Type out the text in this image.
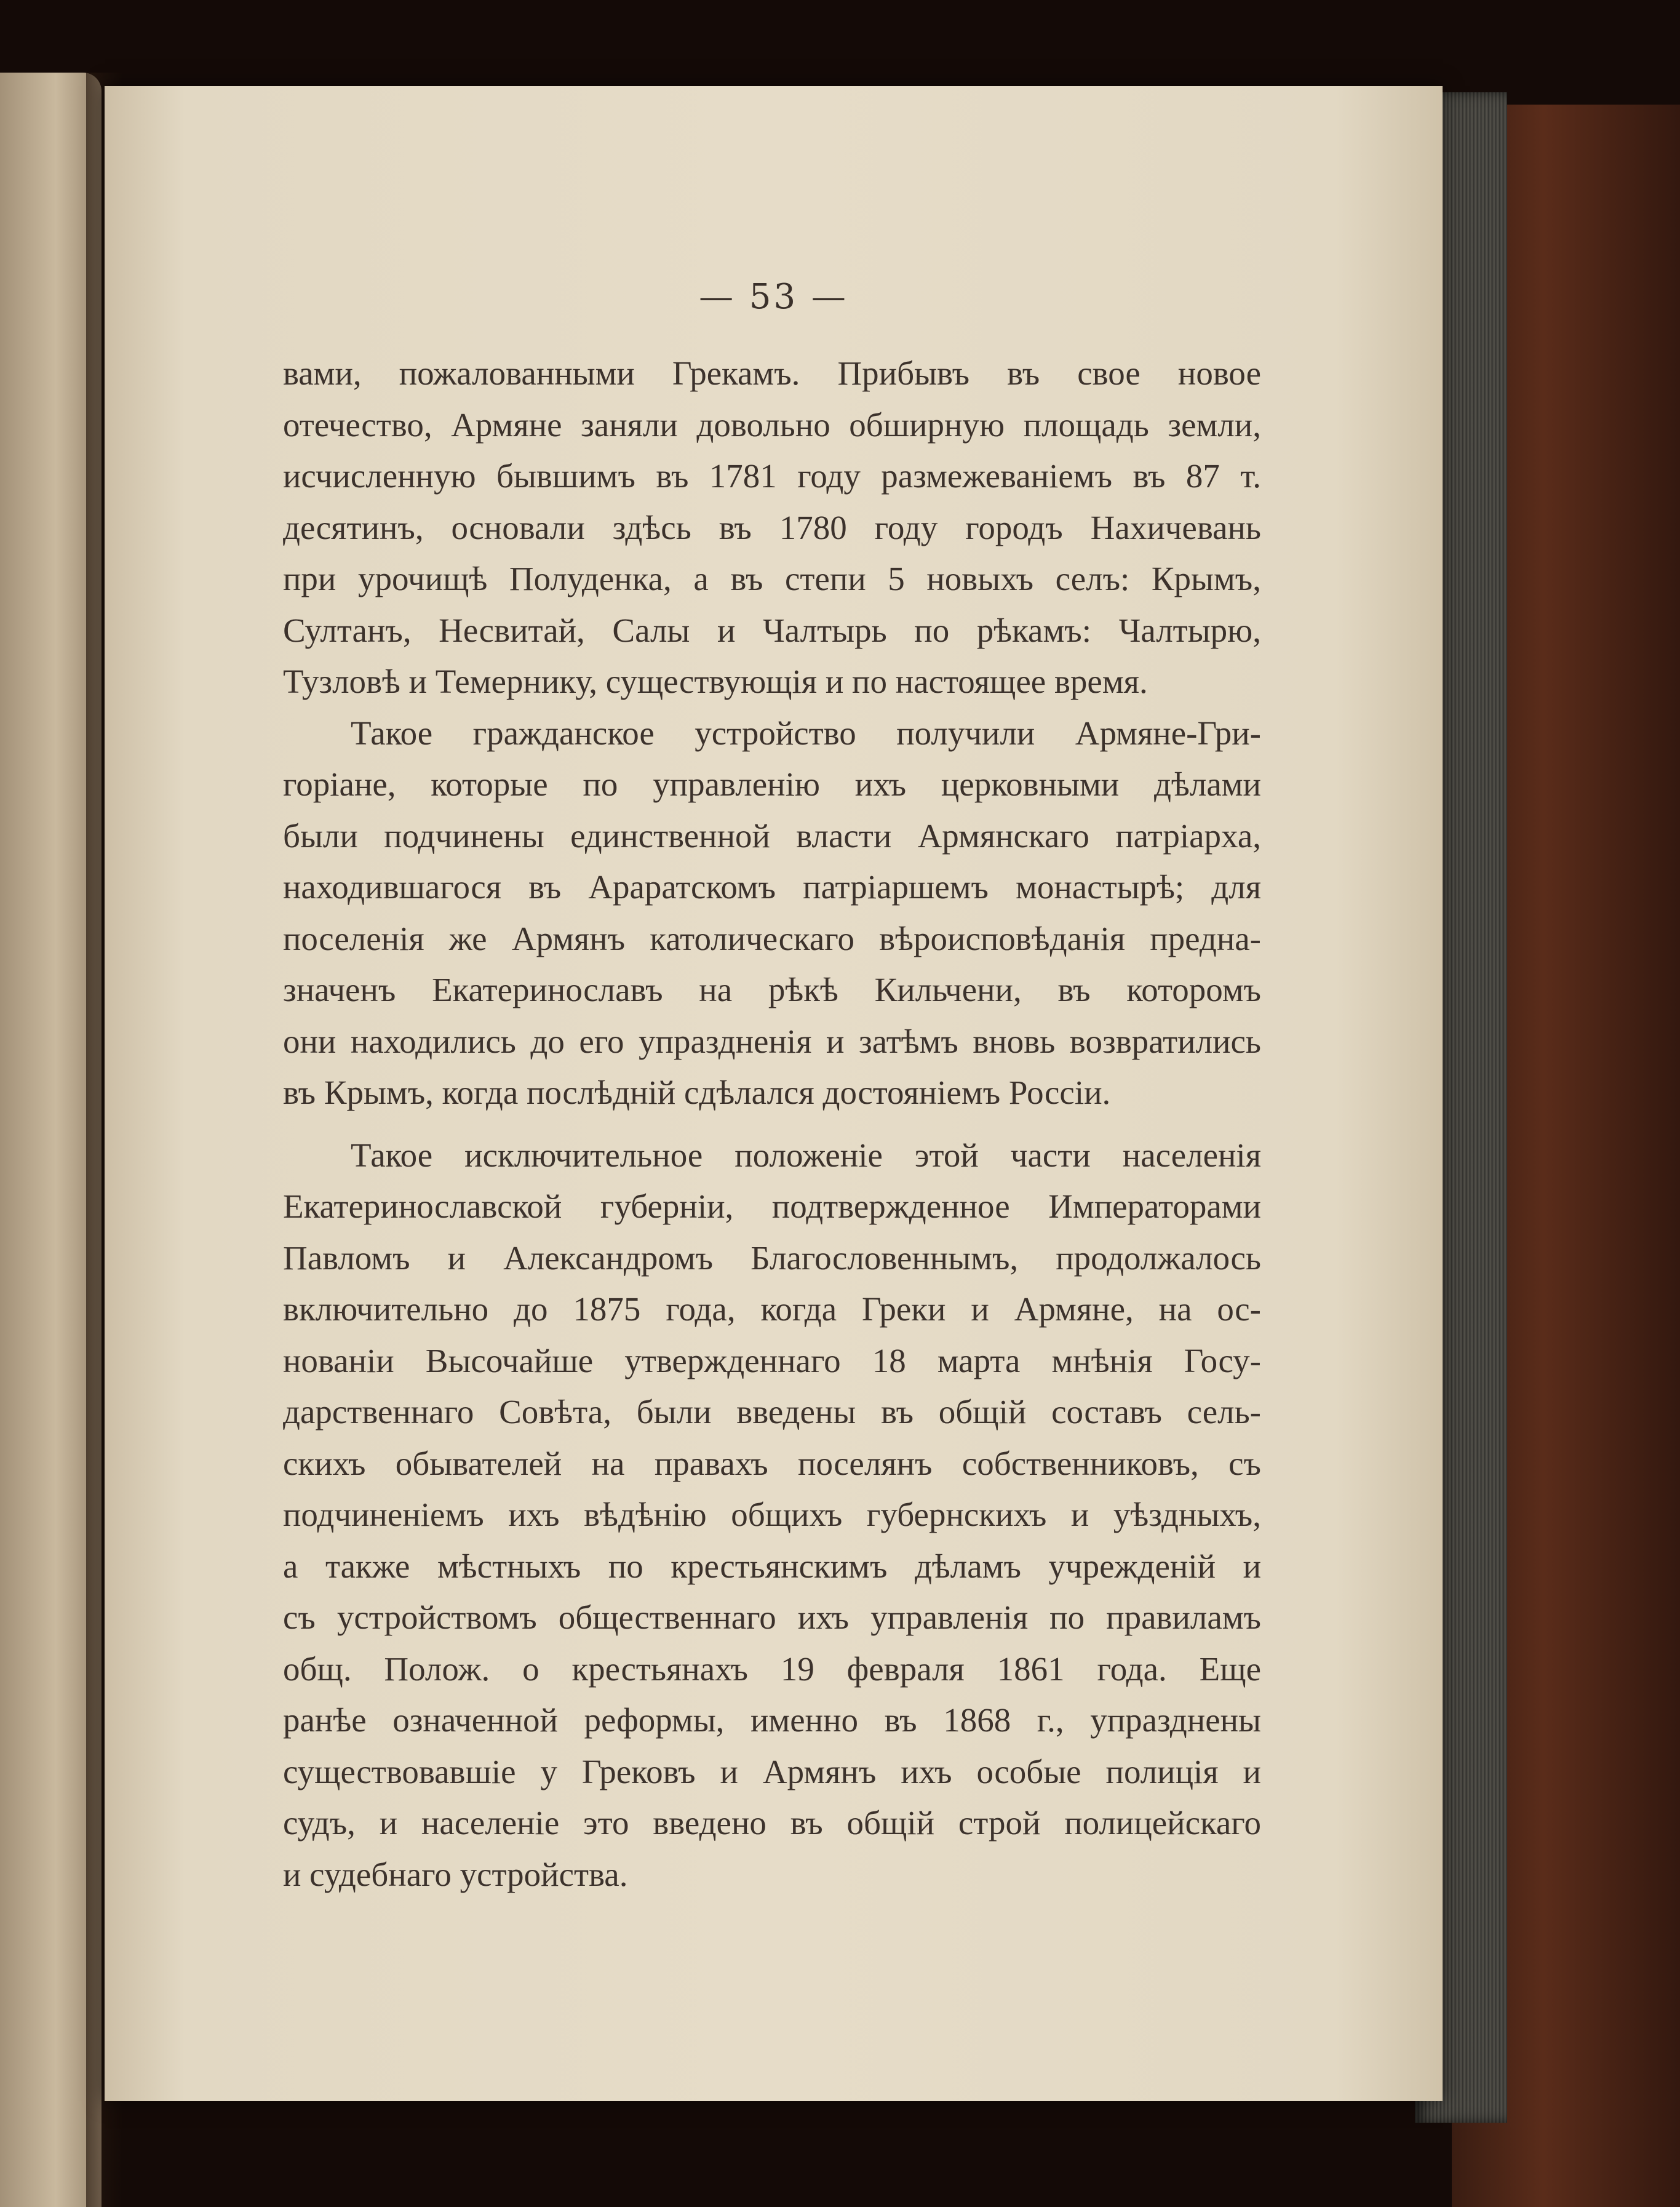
— 53 —
вами, пожалованными Грекамъ. Прибывъ въ свое новое
отечество, Армяне заняли довольно обширную площадь земли,
исчисленную бывшимъ въ 1781 году размежеваніемъ въ 87 т.
десятинъ, основали здѣсь въ 1780 году городъ Нахичевань
при урочищѣ Полуденка, а въ степи 5 новыхъ селъ: Крымъ,
Султанъ, Несвитай, Салы и Чалтырь по рѣкамъ: Чалтырю,
Тузловѣ и Темернику, существующія и по настоящее время.
Такое гражданское устройство получили Армяне-Гри-
горіане, которые по управленію ихъ церковными дѣлами
были подчинены единственной власти Армянскаго патріарха,
находившагося въ Араратскомъ патріаршемъ монастырѣ; для
поселенія же Армянъ католическаго вѣроисповѣданія предна-
значенъ Екатеринославъ на рѣкѣ Кильчени, въ которомъ
они находились до его упраздненія и затѣмъ вновь возвратились
въ Крымъ, когда послѣдній сдѣлался достояніемъ Россіи.
Такое исключительное положеніе этой части населенія
Екатеринославской губерніи, подтвержденное Императорами
Павломъ и Александромъ Благословеннымъ, продолжалось
включительно до 1875 года, когда Греки и Армяне, на ос-
нованіи Высочайше утвержденнаго 18 марта мнѣнія Госу-
дарственнаго Совѣта, были введены въ общій составъ сель-
скихъ обывателей на правахъ поселянъ собственниковъ, съ
подчиненіемъ ихъ вѣдѣнію общихъ губернскихъ и уѣздныхъ,
а также мѣстныхъ по крестьянскимъ дѣламъ учрежденій и
съ устройствомъ общественнаго ихъ управленія по правиламъ
общ. Полож. о крестьянахъ 19 февраля 1861 года. Еще
ранѣе означенной реформы, именно въ 1868 г., упразднены
существовавшіе у Грековъ и Армянъ ихъ особые полиція и
судъ, и населеніе это введено въ общій строй полицейскаго
и судебнаго устройства.
